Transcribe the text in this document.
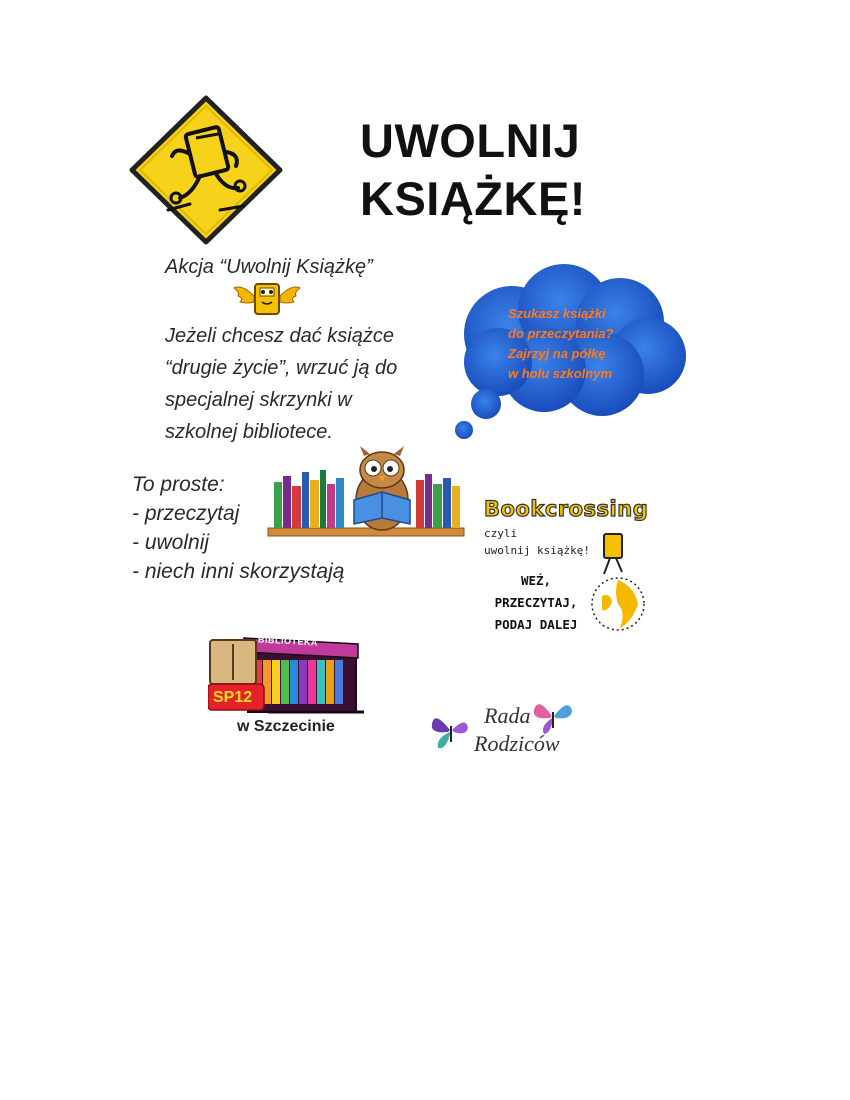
UWOLNIJ
KSIĄŻKĘ!
Akcja “Uwolnij Książkę”
Jeżeli chcesz dać książce
“drugie życie”, wrzuć ją do
specjalnej skrzynki w
szkolnej bibliotece.
Szukasz książki
do przeczytania?
Zajrzyj na półkę
w holu szkolnym
To proste:
- przeczytaj
- uwolnij
- niech inni skorzystają
Bookcrossing
czyli
uwolnij książkę!
WEŹ,
PRZECZYTAJ,
PODAJ DALEJ
BIBLIOTEKA
SP12
w Szczecinie	Rada
Rodziców
